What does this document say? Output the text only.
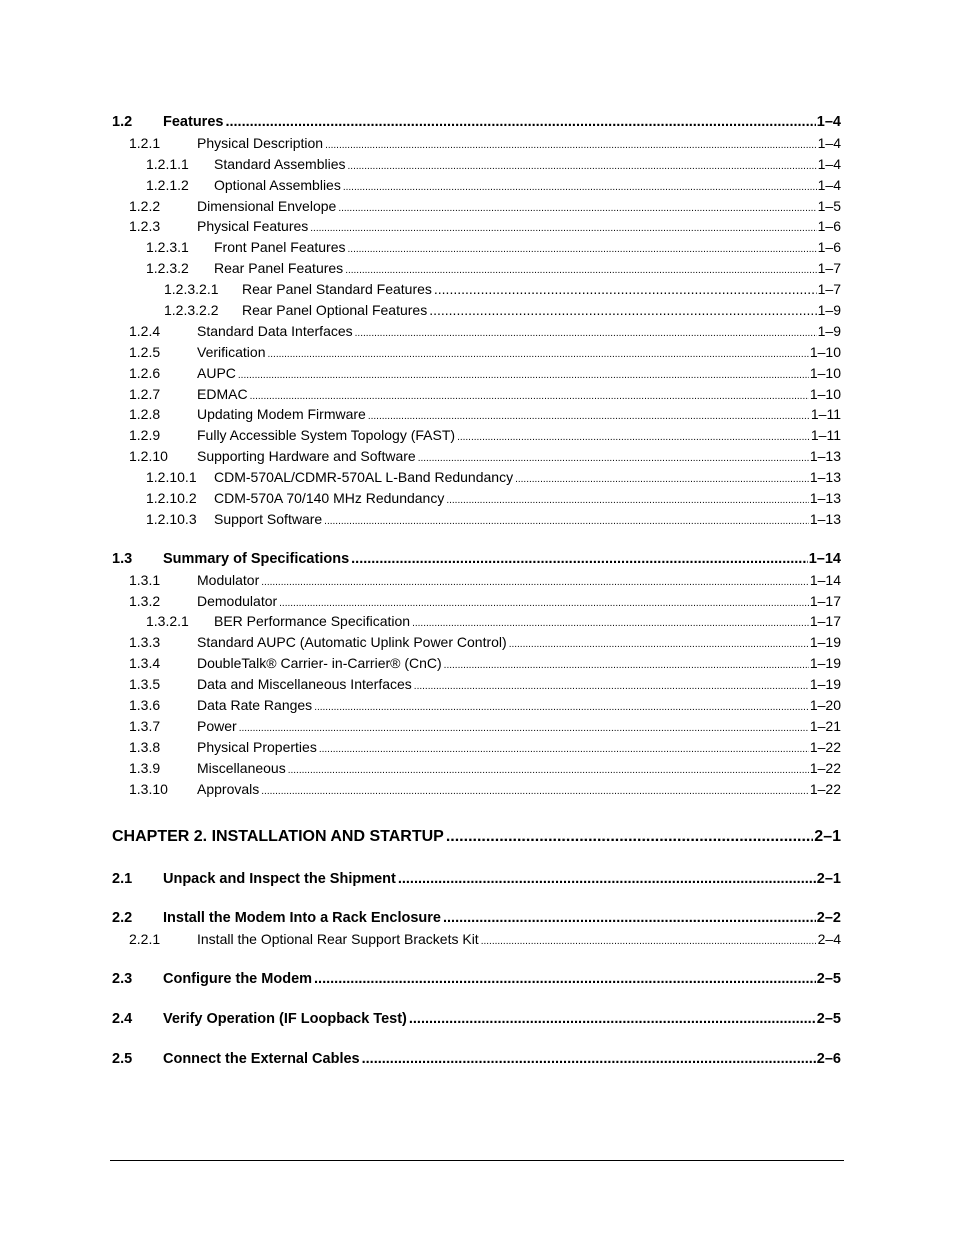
1.2	Features .....	1–4
1.2.1	Physical Description .....	1–4
1.2.1.1	Standard Assemblies .....	1–4
1.2.1.2	Optional Assemblies .....	1–4
1.2.2	Dimensional Envelope .....	1–5
1.2.3	Physical Features .....	1–6
1.2.3.1	Front Panel Features .....	1–6
1.2.3.2	Rear Panel Features .....	1–7
1.2.3.2.1	Rear Panel Standard Features .....	1–7
1.2.3.2.2	Rear Panel Optional Features .....	1–9
1.2.4	Standard Data Interfaces .....	1–9
1.2.5	Verification .....	1–10
1.2.6	AUPC .....	1–10
1.2.7	EDMAC .....	1–10
1.2.8	Updating Modem Firmware .....	1–11
1.2.9	Fully Accessible System Topology (FAST) .....	1–11
1.2.10	Supporting Hardware and Software .....	1–13
1.2.10.1	CDM-570AL/CDMR-570AL L-Band Redundancy .....	1–13
1.2.10.2	CDM-570A 70/140 MHz Redundancy .....	1–13
1.2.10.3	Support Software .....	1–13
1.3	Summary of Specifications .....	1–14
1.3.1	Modulator .....	1–14
1.3.2	Demodulator .....	1–17
1.3.2.1	BER Performance Specification .....	1–17
1.3.3	Standard AUPC (Automatic Uplink Power Control) .....	1–19
1.3.4	DoubleTalk® Carrier- in-Carrier® (CnC) .....	1–19
1.3.5	Data and Miscellaneous Interfaces .....	1–19
1.3.6	Data Rate Ranges .....	1–20
1.3.7	Power .....	1–21
1.3.8	Physical Properties .....	1–22
1.3.9	Miscellaneous .....	1–22
1.3.10	Approvals .....	1–22
CHAPTER 2. INSTALLATION AND STARTUP .....	2–1
2.1	Unpack and Inspect the Shipment .....	2–1
2.2	Install the Modem Into a Rack Enclosure .....	2–2
2.2.1	Install the Optional Rear Support Brackets Kit .....	2–4
2.3	Configure the Modem .....	2–5
2.4	Verify Operation (IF Loopback Test) .....	2–5
2.5	Connect the External Cables .....	2–6
